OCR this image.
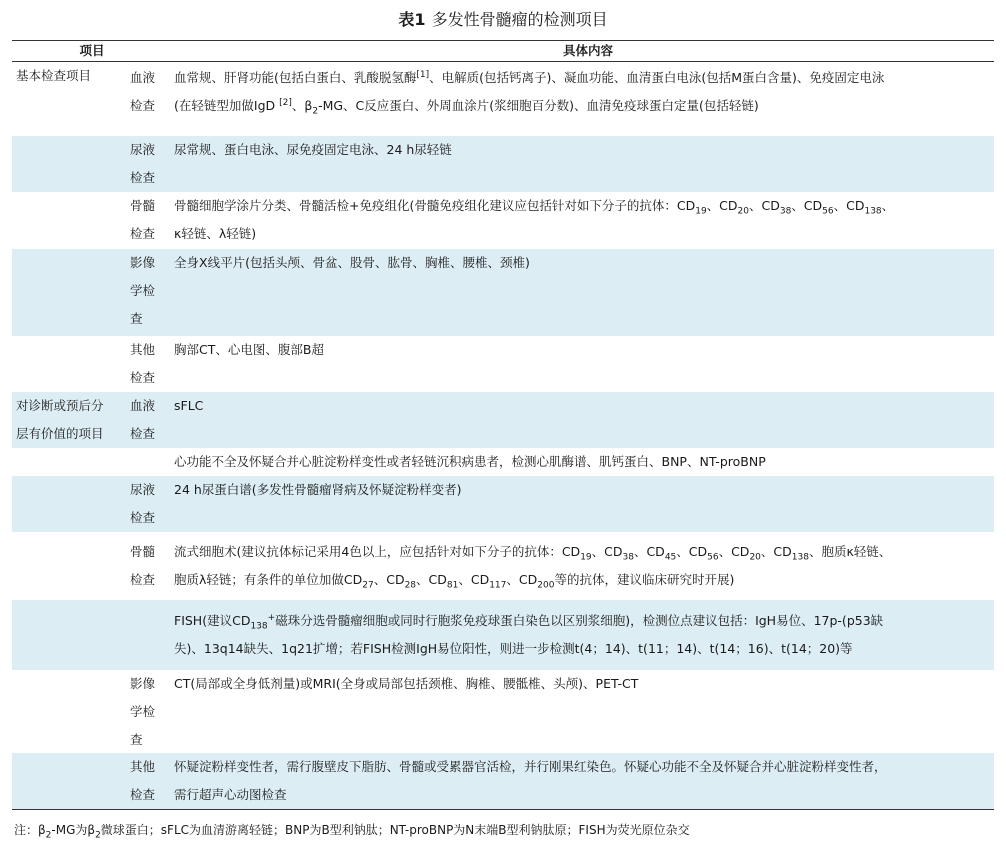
表1 多发性骨髓瘤的检测项目
项目	具体内容
基本检查项目
对诊断或预后分
层有价值的项目
血液
检查
血常规、肝肾功能(包括白蛋白、乳酸脱氢酶[1]、电解质(包括钙离子)、凝血功能、血清蛋白电泳(包括M蛋白含量)、免疫固定电泳
(在轻链型加做IgD [2]、$\beta_2-MG$、C反应蛋白、外周血涂片(浆细胞百分数)、血清免疫球蛋白定量(包括轻链)
尿液
检查
尿常规、蛋白电泳、尿免疫固定电泳、24 h尿轻链
骨髓
检查
骨髓细胞学涂片分类、骨髓活检+免疫组化(骨髓免疫组化建议应包括针对如下分子的抗体：$CD_{19}$、$CD_{20}$、$CD_{38}$、$CD_{56}$、$CD_{138}$、
κ轻链、λ轻链)
影像
学检
查
全身X线平片(包括头颅、骨盆、股骨、肱骨、胸椎、腰椎、颈椎)
其他
检查
胸部CT、心电图、腹部B超
血液
检查
sFLC
心功能不全及怀疑合并心脏淀粉样变性或者轻链沉积病患者，检测心肌酶谱、肌钙蛋白、BNP、NT-proBNP
尿液
检查
24 h尿蛋白谱(多发性骨髓瘤肾病及怀疑淀粉样变者)
骨髓
检查
流式细胞术(建议抗体标记采用4色以上，应包括针对如下分子的抗体：$CD_{19}$、$CD_{38}$、$CD_{45}$、$CD_{56}$、$CD_{20}$、$CD_{138}$、胞质κ轻链、
胞质λ轻链；有条件的单位加做$CD_{27}$、$CD_{28}$、$CD_{81}$、$CD_{117}$、$CD_{200}$等的抗体，建议临床研究时开展)
FISH(建议$CD_{138}^+$磁珠分选骨髓瘤细胞或同时行胞浆免疫球蛋白染色以区别浆细胞)，检测位点建议包括：IgH易位、17p-(p53缺
失)、13q14缺失、1q21扩增；若FISH检测IgH易位阳性，则进一步检测t(4；14)、t(11；14)、t(14；16)、t(14；20)等
影像
学检
查
CT(局部或全身低剂量)或MRI(全身或局部包括颈椎、胸椎、腰骶椎、头颅)、PET-CT
其他
检查
怀疑淀粉样变性者，需行腹壁皮下脂肪、骨髓或受累器官活检，并行刚果红染色。怀疑心功能不全及怀疑合并心脏淀粉样变性者，
需行超声心动图检查
注：$\beta_2-MG$为$\beta_2$微球蛋白；sFLC为血清游离轻链；BNP为B型利钠肽；NT-proBNP为N末端B型利钠肽原；FISH为荧光原位杂交
